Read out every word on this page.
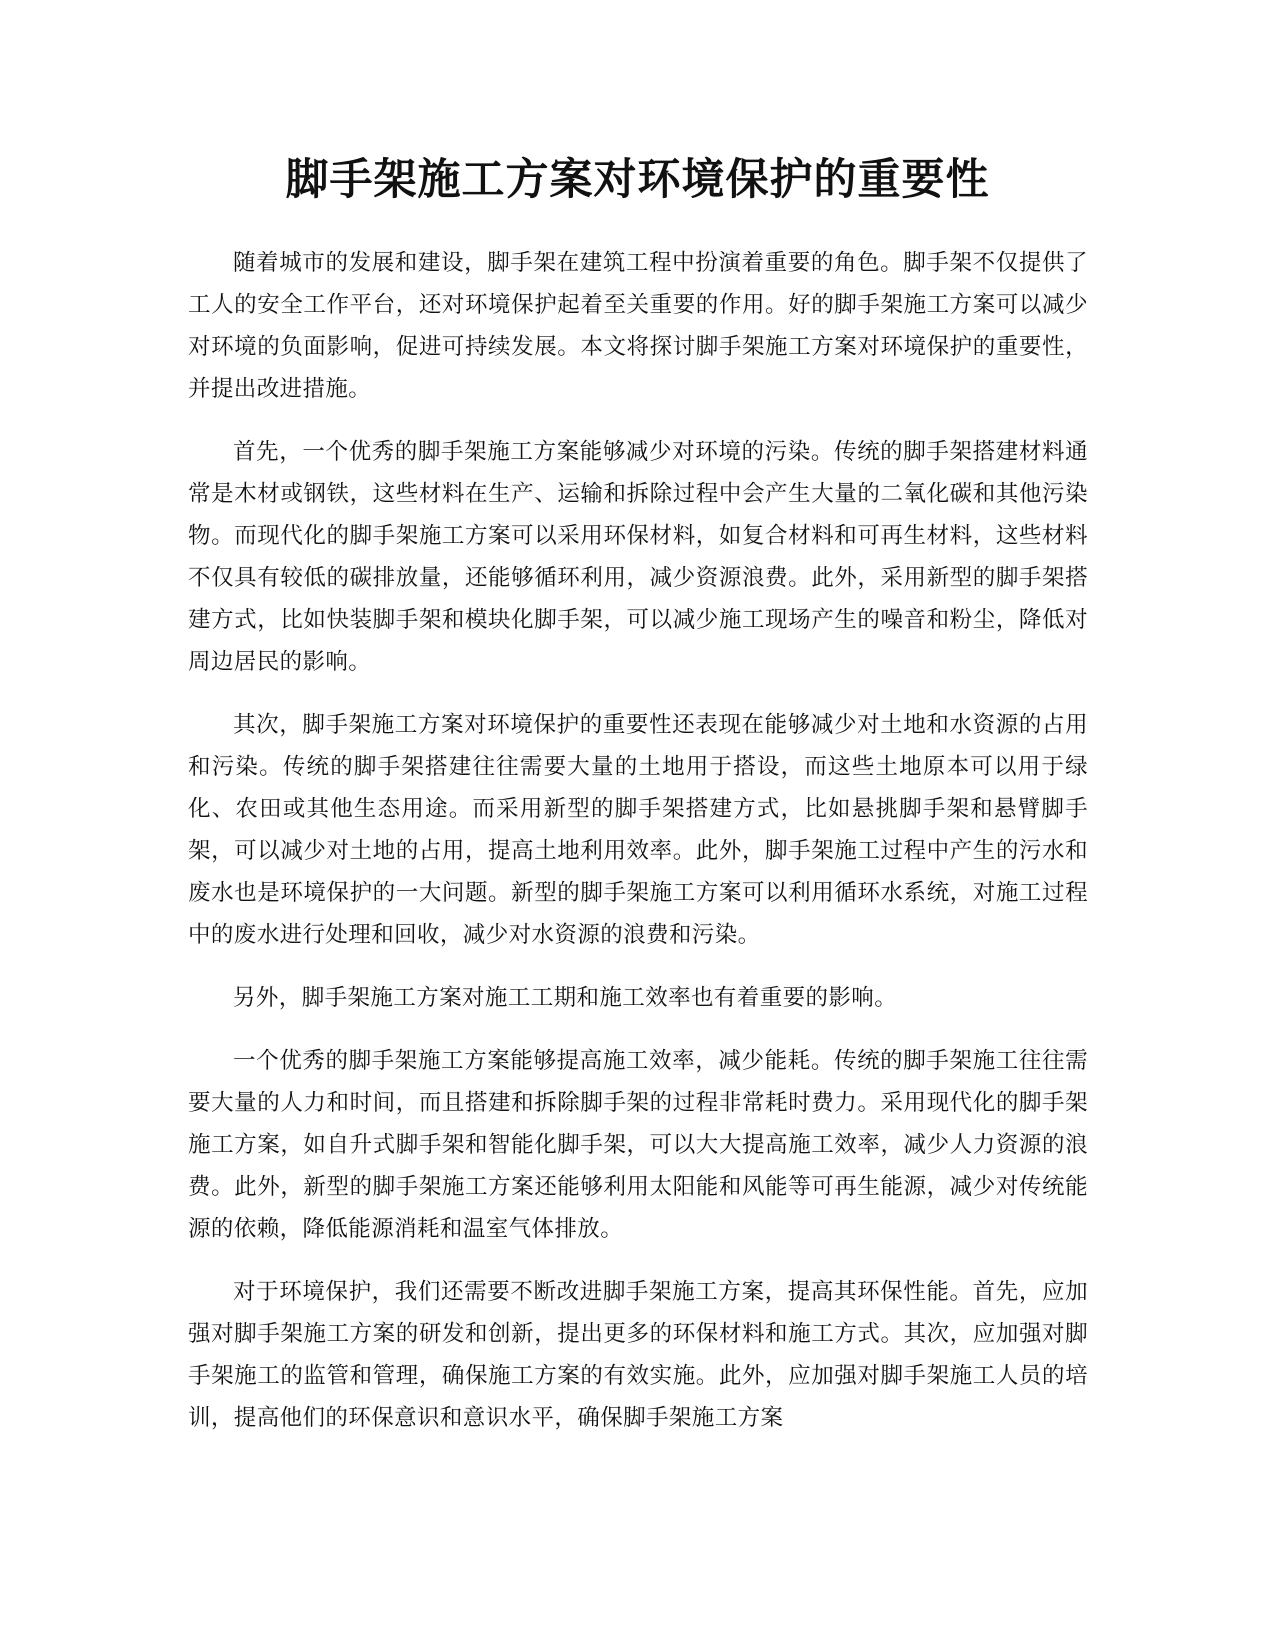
脚手架施工方案对环境保护的重要性

随着城市的发展和建设，脚手架在建筑工程中扮演着重要的角色。脚手架不仅提供了工人的安全工作平台，还对环境保护起着至关重要的作用。好的脚手架施工方案可以减少对环境的负面影响，促进可持续发展。本文将探讨脚手架施工方案对环境保护的重要性，并提出改进措施。

首先，一个优秀的脚手架施工方案能够减少对环境的污染。传统的脚手架搭建材料通常是木材或钢铁，这些材料在生产、运输和拆除过程中会产生大量的二氧化碳和其他污染物。而现代化的脚手架施工方案可以采用环保材料，如复合材料和可再生材料，这些材料不仅具有较低的碳排放量，还能够循环利用，减少资源浪费。此外，采用新型的脚手架搭建方式，比如快装脚手架和模块化脚手架，可以减少施工现场产生的噪音和粉尘，降低对周边居民的影响。

其次，脚手架施工方案对环境保护的重要性还表现在能够减少对土地和水资源的占用和污染。传统的脚手架搭建往往需要大量的土地用于搭设，而这些土地原本可以用于绿化、农田或其他生态用途。而采用新型的脚手架搭建方式，比如悬挑脚手架和悬臂脚手架，可以减少对土地的占用，提高土地利用效率。此外，脚手架施工过程中产生的污水和废水也是环境保护的一大问题。新型的脚手架施工方案可以利用循环水系统，对施工过程中的废水进行处理和回收，减少对水资源的浪费和污染。

另外，脚手架施工方案对施工工期和施工效率也有着重要的影响。

一个优秀的脚手架施工方案能够提高施工效率，减少能耗。传统的脚手架施工往往需要大量的人力和时间，而且搭建和拆除脚手架的过程非常耗时费力。采用现代化的脚手架施工方案，如自升式脚手架和智能化脚手架，可以大大提高施工效率，减少人力资源的浪费。此外，新型的脚手架施工方案还能够利用太阳能和风能等可再生能源，减少对传统能源的依赖，降低能源消耗和温室气体排放。

对于环境保护，我们还需要不断改进脚手架施工方案，提高其环保性能。首先，应加强对脚手架施工方案的研发和创新，提出更多的环保材料和施工方式。其次，应加强对脚手架施工的监管和管理，确保施工方案的有效实施。此外，应加强对脚手架施工人员的培训，提高他们的环保意识和意识水平，确保脚手架施工方案
